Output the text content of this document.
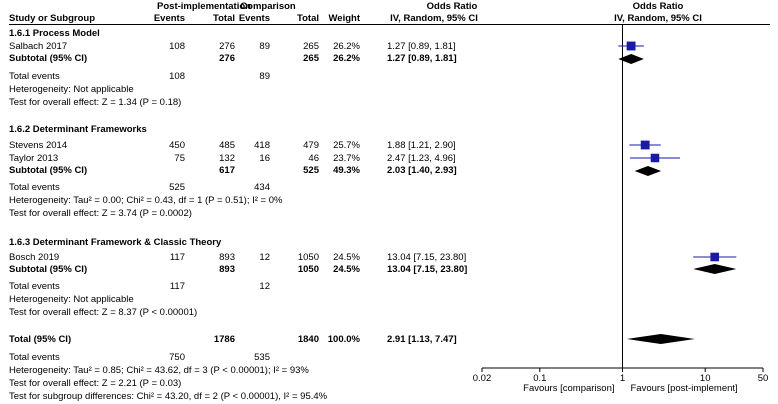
Post-implementation
Comparison	Odds Ratio	Odds Ratio
Study or Subgroup	Events	Total Events	Total	Weight	IV, Random, 95% CI	IV, Random, 95% CI
1.6.1 Process Model
Salbach 2017	108	276	89	265	26.2%	1.27 [0.89, 1.81]
Subtotal (95% CI)	276	265	26.2%	1.27 [0.89, 1.81]
Total events	108	89
Heterogeneity: Not applicable
Test for overall effect: Z = 1.34 (P = 0.18)
1.6.2 Determinant Frameworks
Stevens 2014	450	485	418	479	25.7%	1.88 [1.21, 2.90]
Taylor 2013	75	132	16	46	23.7%	2.47 [1.23, 4.96]
Subtotal (95% CI)	617	525	49.3%	2.03 [1.40, 2.93]
Total events	525	434
Heterogeneity: Tau² = 0.00; Chi² = 0.43, df = 1 (P = 0.51); I² = 0%
Test for overall effect: Z = 3.74 (P = 0.0002)
1.6.3 Determinant Framework & Classic Theory
Bosch 2019	117	893	12	1050	24.5%	13.04 [7.15, 23.80]
Subtotal (95% CI)	893	1050	24.5%	13.04 [7.15, 23.80]
Total events	117	12
Heterogeneity: Not applicable
Test for overall effect: Z = 8.37 (P < 0.00001)
Total (95% CI)	1786	1840 100.0%	2.91 [1.13, 7.47]
Total events	750	535
Heterogeneity: Tau² = 0.85; Chi² = 43.62, df = 3 (P < 0.00001); I² = 93%
Test for overall effect: Z = 2.21 (P = 0.03)
Test for subgroup differences: Chi² = 43.20, df = 2 (P < 0.00001), I² = 95.4%
0.02	0.1	1	10	50
Favours [comparison] Favours [post-implement]
